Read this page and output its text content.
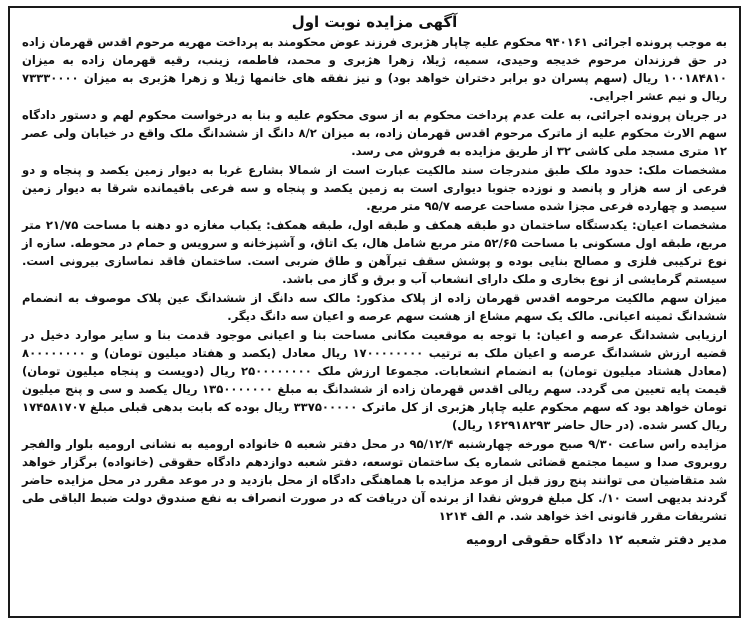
آگهی مزایده نوبت اول
به موجب پرونده اجرائی ۹۴۰۱۶۱ محکوم علیه چاپار هژبری فرزند عوض محکومند به پرداخت مهریه مرحوم اقدس قهرمان زاده در حق فرزندان مرحوم خدیجه وحیدی، سمیه، ژیلا، زهرا هژبری و محمد، فاطمه، زینب، رقیه قهرمان زاده به میزان ۱۰۰۱۸۴۸۱۰ ریال (سهم پسران دو برابر دختران خواهد بود) و نیز نفقه های خانمها ژیلا و زهرا هژبری به میزان ۷۳۳۳۰۰۰۰ ریال و نیم عشر اجرایی.
در جریان پرونده اجرائی، به علت عدم پرداخت محکوم به از سوی محکوم علیه و بنا به درخواست محکوم لهم و دستور دادگاه سهم الارث محکوم علیه از ماترک مرحوم اقدس قهرمان زاده، به میزان ۸/۲ دانگ از ششدانگ ملک واقع در خیابان ولی عصر ۱۲ متری مسجد ملی کاشی ۳۲ از طریق مزایده به فروش می رسد.
مشخصات ملک: حدود ملک طبق مندرجات سند مالکیت عبارت است از شمالا بشارع غربا به دیوار زمین یکصد و پنجاه و دو فرعی از سه هزار و پانصد و نوزده جنوبا دیواری است به زمین یکصد و پنجاه و سه فرعی باقیمانده شرقا به دیوار زمین سیصد و چهارده فرعی مجزا شده مساحت عرصه ۹۵/۷ متر مربع.
مشخصات اعیان: یکدستگاه ساختمان دو طبقه همکف و طبقه اول، طبقه همکف: یکباب مغازه دو دهنه با مساحت ۲۱/۷۵ متر مربع، طبقه اول مسکونی با مساحت ۵۲/۶۵ متر مربع شامل هال، یک اتاق، و آشپزخانه و سرویس و حمام در محوطه. سازه از نوع ترکیبی فلزی و مصالح بنایی بوده و پوشش سقف تیرآهن و طاق ضربی است. ساختمان فاقد نماسازی بیرونی است. سیستم گرمایشی از نوع بخاری و ملک دارای انشعاب آب و برق و گاز می باشد.
میزان سهم مالکیت مرحومه اقدس قهرمان زاده از پلاک مذکور: مالک سه دانگ از ششدانگ عین پلاک موصوف به انضمام ششدانگ ثمینه اعیانی. مالک یک سهم مشاع از هشت سهم عرصه و اعیان سه دانگ دیگر.
ارزیابی ششدانگ عرصه و اعیان: با توجه به موقعیت مکانی مساحت بنا و اعیانی موجود قدمت بنا و سایر موارد دخیل در قضیه ارزش ششدانگ عرصه و اعیان ملک به ترتیب ۱۷۰۰۰۰۰۰۰۰ ریال معادل (یکصد و هفتاد میلیون تومان) و ۸۰۰۰۰۰۰۰۰ (معادل هشتاد میلیون تومان) به انضمام انشعابات. مجموعا ارزش ملک ۲۵۰۰۰۰۰۰۰۰ ریال (دویست و پنجاه میلیون تومان) قیمت پایه تعیین می گردد. سهم ریالی اقدس قهرمان زاده از ششدانگ به مبلغ ۱۳۵۰۰۰۰۰۰۰ ریال یکصد و سی و پنج میلیون تومان خواهد بود که سهم محکوم علیه چاپار هژبری از کل ماترک ۳۳۷۵۰۰۰۰۰ ریال بوده که بابت بدهی قبلی مبلغ ۱۷۴۵۸۱۷۰۷ ریال کسر شده. (در حال حاضر ۱۶۲۹۱۸۲۹۳ ریال)
مزایده راس ساعت ۹/۳۰ صبح مورخه چهارشنبه ۹۵/۱۲/۴ در محل دفتر شعبه ۵ خانواده ارومیه به نشانی ارومیه بلوار والفجر روبروی صدا و سیما مجتمع قضائی شماره یک ساختمان توسعه، دفتر شعبه دوازدهم دادگاه حقوقی (خانواده) برگزار خواهد شد متقاضیان می توانند پنج روز قبل از موعد مزایده با هماهنگی دادگاه از محل بازدید و در موعد مقرر در محل مزایده حاضر گردند بدیهی است ۱۰/. کل مبلغ فروش نقدا از برنده آن دریافت که در صورت انصراف به نفع صندوق دولت ضبط الباقی طی تشریفات مقرر قانونی اخذ خواهد شد. م الف ۱۲۱۴
مدیر دفتر شعبه ۱۲ دادگاه حقوقی ارومیه
